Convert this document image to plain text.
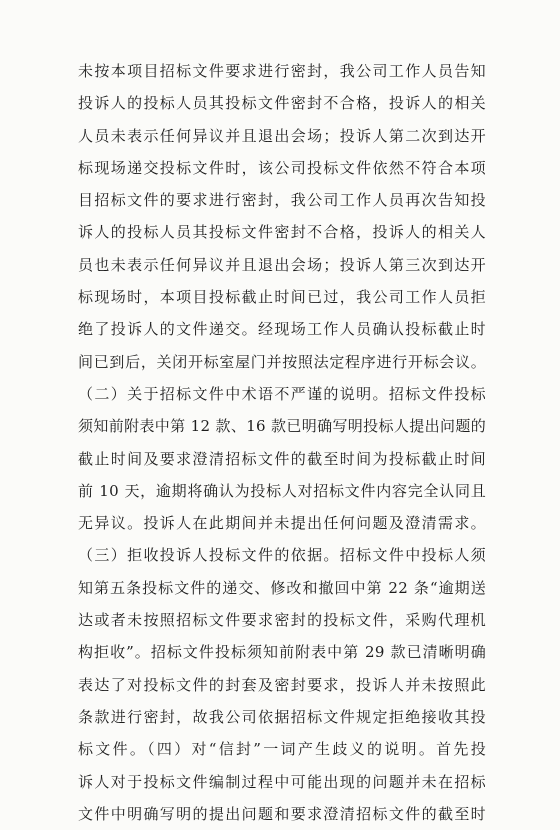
未按本项目招标文件要求进行密封，我公司工作人员告知
投诉人的投标人员其投标文件密封不合格，投诉人的相关
人员未表示任何异议并且退出会场；投诉人第二次到达开
标现场递交投标文件时，该公司投标文件依然不符合本项
目招标文件的要求进行密封，我公司工作人员再次告知投
诉人的投标人员其投标文件密封不合格，投诉人的相关人
员也未表示任何异议并且退出会场；投诉人第三次到达开
标现场时，本项目投标截止时间已过，我公司工作人员拒
绝了投诉人的文件递交。经现场工作人员确认投标截止时
间已到后，关闭开标室屋门并按照法定程序进行开标会议。
（二）关于招标文件中术语不严谨的说明。招标文件投标
须知前附表中第 12 款、16 款已明确写明投标人提出问题的
截止时间及要求澄清招标文件的截至时间为投标截止时间
前 10 天，逾期将确认为投标人对招标文件内容完全认同且
无异议。投诉人在此期间并未提出任何问题及澄清需求。
（三）拒收投诉人投标文件的依据。招标文件中投标人须
知第五条投标文件的递交、修改和撤回中第 22 条“逾期送
达或者未按照招标文件要求密封的投标文件，采购代理机
构拒收”。招标文件投标须知前附表中第 29 款已清晰明确
表达了对投标文件的封套及密封要求，投诉人并未按照此
条款进行密封，故我公司依据招标文件规定拒绝接收其投
标文件。（四）对“信封”一词产生歧义的说明。首先投
诉人对于投标文件编制过程中可能出现的问题并未在招标
文件中明确写明的提出问题和要求澄清招标文件的截至时
